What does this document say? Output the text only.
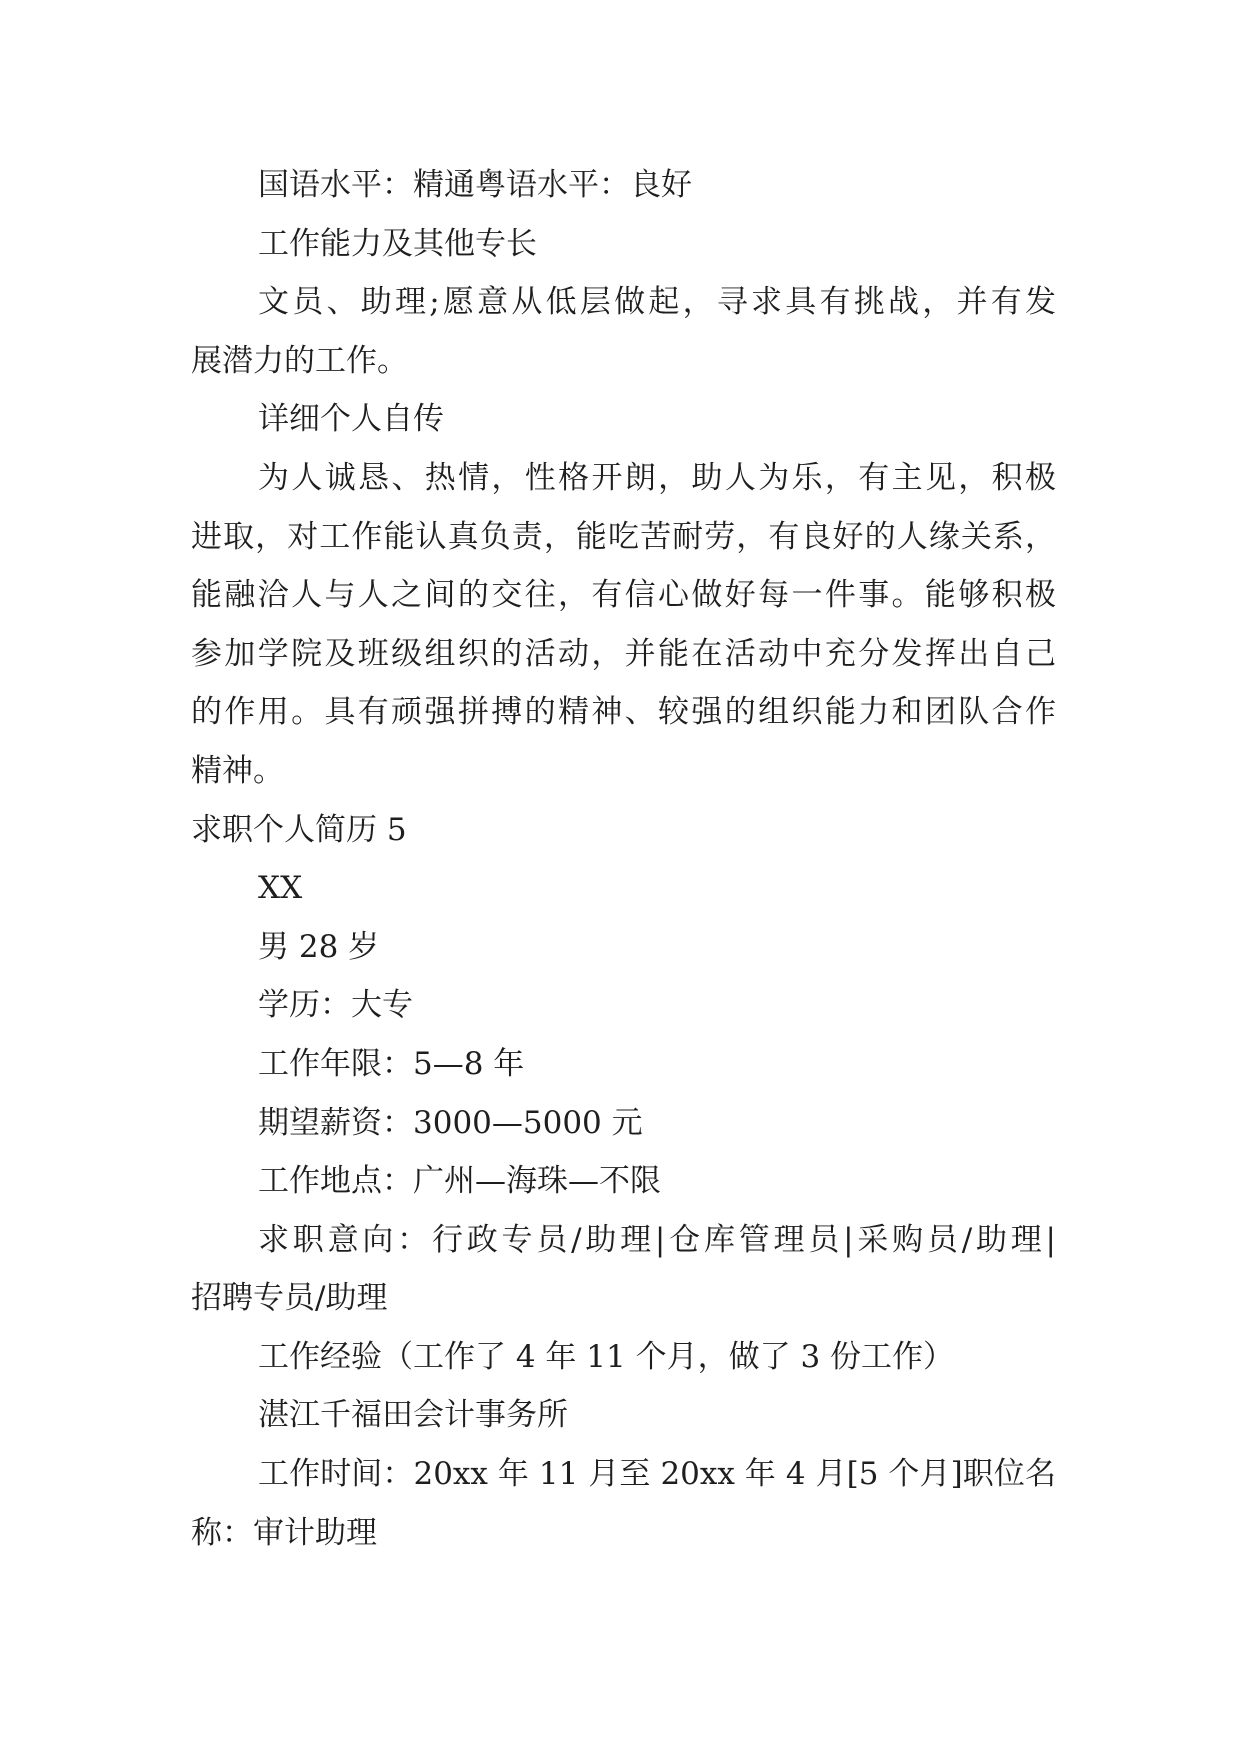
国语水平：精通粤语水平：良好
工作能力及其他专长
文员、助理;愿意从低层做起，寻求具有挑战，并有发
展潜力的工作。
详细个人自传
为人诚恳、热情，性格开朗，助人为乐，有主见，积极
进取，对工作能认真负责，能吃苦耐劳，有良好的人缘关系，
能融洽人与人之间的交往，有信心做好每一件事。能够积极
参加学院及班级组织的活动，并能在活动中充分发挥出自己
的作用。具有顽强拼搏的精神、较强的组织能力和团队合作
精神。
求职个人简历 5
XX
男 28 岁
学历：大专
工作年限：5—8 年
期望薪资：3000—5000 元
工作地点：广州—海珠—不限
求职意向：行政专员/助理|仓库管理员|采购员/助理|
招聘专员/助理
工作经验（工作了 4 年 11 个月，做了 3 份工作）
湛江千福田会计事务所
工作时间：20xx 年 11 月至 20xx 年 4 月[5 个月]职位名
称：审计助理
